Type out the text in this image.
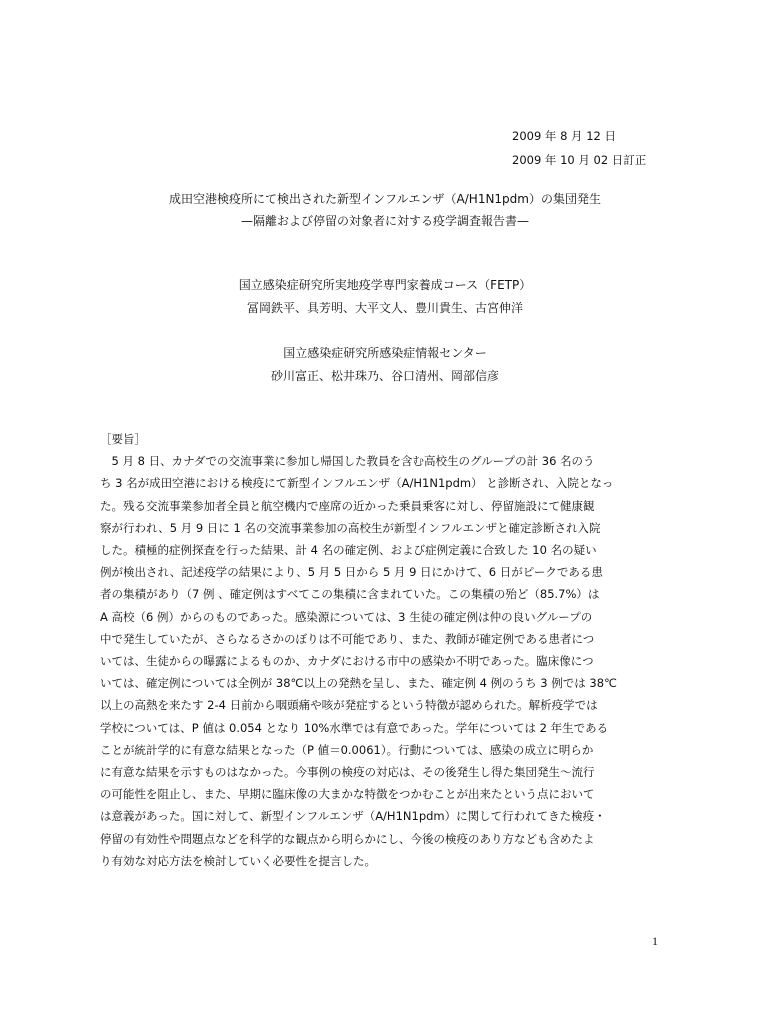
2009 年 8 月 12 日
2009 年 10 月 02 日訂正
成田空港検疫所にて検出された新型インフルエンザ（A/H1N1pdm）の集団発生
—隔離および停留の対象者に対する疫学調査報告書—
国立感染症研究所実地疫学専門家養成コース（FETP）
冨岡鉄平、具芳明、大平文人、豊川貴生、古宮伸洋
国立感染症研究所感染症情報センター
砂川富正、松井珠乃、谷口清州、岡部信彦
［要旨］
　5 月 8 日、カナダでの交流事業に参加し帰国した教員を含む高校生のグループの計 36 名のう
ち 3 名が成田空港における検疫にて新型インフルエンザ（A/H1N1pdm） と診断され、入院となっ
た。残る交流事業参加者全員と航空機内で座席の近かった乗員乗客に対し、停留施設にて健康観
察が行われ、5 月 9 日に 1 名の交流事業参加の高校生が新型インフルエンザと確定診断され入院
した。積極的症例探査を行った結果、計 4 名の確定例、および症例定義に合致した 10 名の疑い
例が検出され、記述疫学の結果により、5 月 5 日から 5 月 9 日にかけて、6 日がピークである患
者の集積があり（7 例 、確定例はすべてこの集積に含まれていた。この集積の殆ど（85.7%）は
A 高校（6 例）からのものであった。感染源については、3 生徒の確定例は仲の良いグループの
中で発生していたが、さらなるさかのぼりは不可能であり、また、教師が確定例である患者につ
いては、生徒からの曝露によるものか、カナダにおける市中の感染か不明であった。臨床像につ
いては、確定例については全例が 38℃以上の発熱を呈し、また、確定例 4 例のうち 3 例では 38℃
以上の高熱を来たす 2-4 日前から咽頭痛や咳が発症するという特徴が認められた。解析疫学では
学校については、P 値は 0.054 となり 10%水準では有意であった。学年については 2 年生である
ことが統計学的に有意な結果となった（P 値＝0.0061）。行動については、感染の成立に明らか
に有意な結果を示すものはなかった。今事例の検疫の対応は、その後発生し得た集団発生～流行
の可能性を阻止し、また、早期に臨床像の大まかな特徴をつかむことが出来たという点において
は意義があった。国に対して、新型インフルエンザ（A/H1N1pdm）に関して行われてきた検疫・
停留の有効性や問題点などを科学的な観点から明らかにし、今後の検疫のあり方なども含めたよ
り有効な対応方法を検討していく必要性を提言した。
1
